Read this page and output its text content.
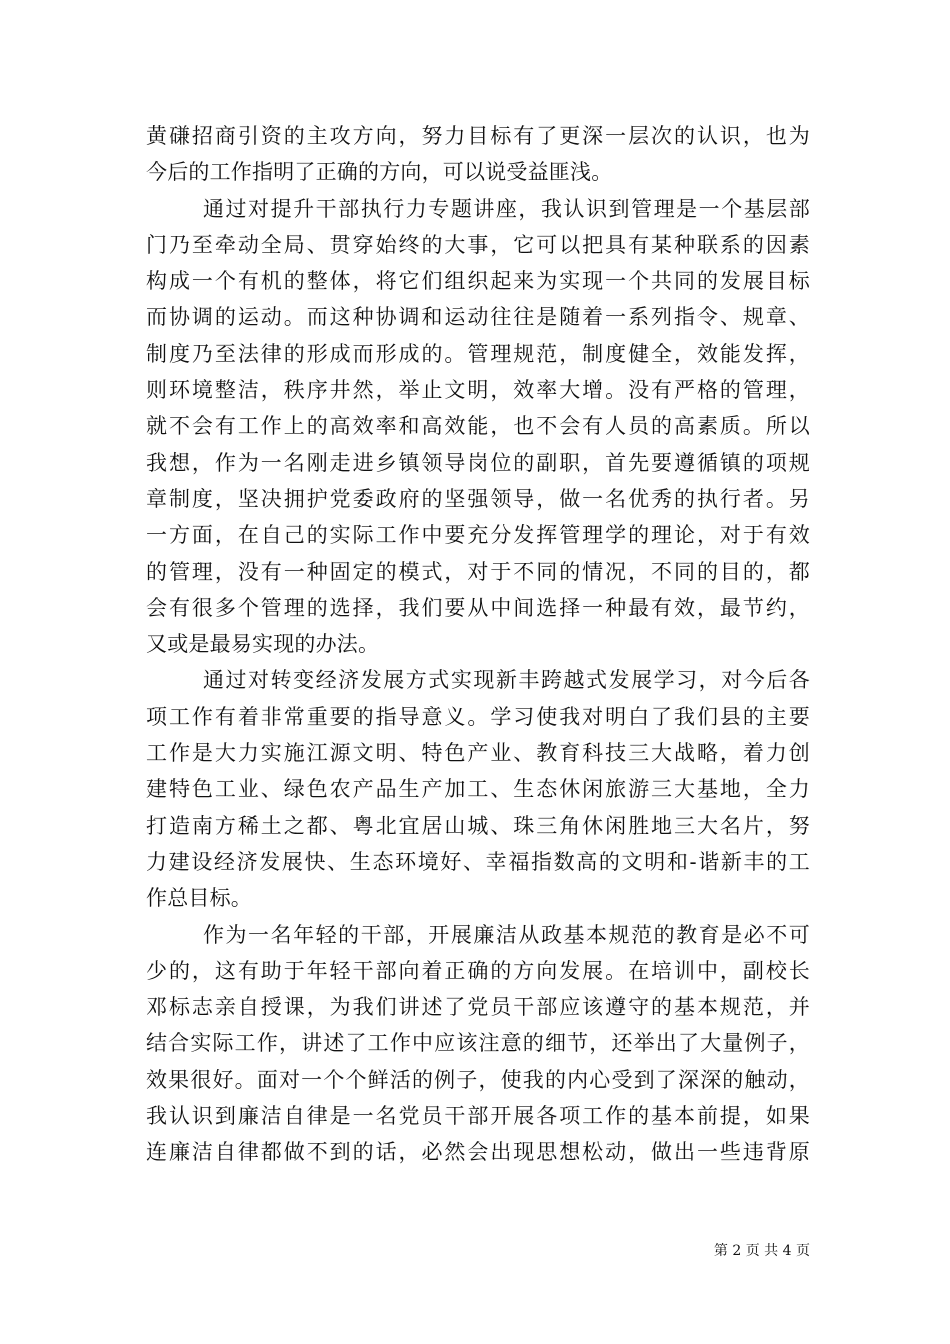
黄磏招商引资的主攻方向，努力目标有了更深一层次的认识，也为
今后的工作指明了正确的方向，可以说受益匪浅。
通过对提升干部执行力专题讲座，我认识到管理是一个基层部
门乃至牵动全局、贯穿始终的大事，它可以把具有某种联系的因素
构成一个有机的整体，将它们组织起来为实现一个共同的发展目标
而协调的运动。而这种协调和运动往往是随着一系列指令、规章、
制度乃至法律的形成而形成的。管理规范，制度健全，效能发挥，
则环境整洁，秩序井然，举止文明，效率大增。没有严格的管理，
就不会有工作上的高效率和高效能，也不会有人员的高素质。所以
我想，作为一名刚走进乡镇领导岗位的副职，首先要遵循镇的项规
章制度，坚决拥护党委政府的坚强领导，做一名优秀的执行者。另
一方面，在自己的实际工作中要充分发挥管理学的理论，对于有效
的管理，没有一种固定的模式，对于不同的情况，不同的目的，都
会有很多个管理的选择，我们要从中间选择一种最有效，最节约，
又或是最易实现的办法。
通过对转变经济发展方式实现新丰跨越式发展学习，对今后各
项工作有着非常重要的指导意义。学习使我对明白了我们县的主要
工作是大力实施江源文明、特色产业、教育科技三大战略，着力创
建特色工业、绿色农产品生产加工、生态休闲旅游三大基地，全力
打造南方稀土之都、粤北宜居山城、珠三角休闲胜地三大名片，努
力建设经济发展快、生态环境好、幸福指数高的文明和-谐新丰的工
作总目标。
作为一名年轻的干部，开展廉洁从政基本规范的教育是必不可
少的，这有助于年轻干部向着正确的方向发展。在培训中，副校长
邓标志亲自授课，为我们讲述了党员干部应该遵守的基本规范，并
结合实际工作，讲述了工作中应该注意的细节，还举出了大量例子，
效果很好。面对一个个鲜活的例子，使我的内心受到了深深的触动，
我认识到廉洁自律是一名党员干部开展各项工作的基本前提，如果
连廉洁自律都做不到的话，必然会出现思想松动，做出一些违背原
第 2 页 共 4 页
